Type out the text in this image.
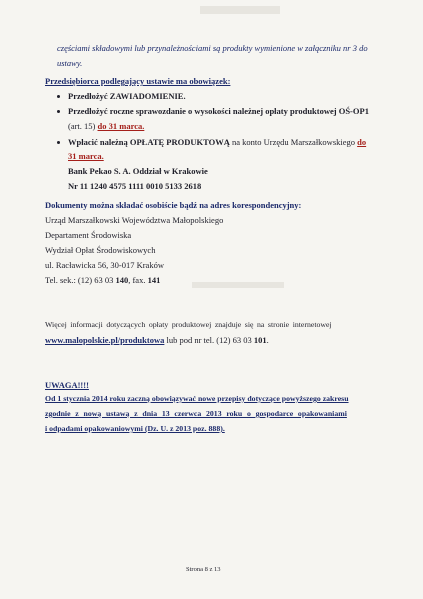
częściami składowymi lub przynależnościami są produkty wymienione w załączniku nr 3 do
ustawy.
Przedsiębiorca podlegający ustawie ma obowiązek:
Przedłożyć ZAWIADOMIENIE.
Przedłożyć roczne sprawozdanie o wysokości należnej opłaty produktowej OŚ-OP1
(art. 15) do 31 marca.
Wpłacić należną OPŁATĘ PRODUKTOWĄ na konto Urzędu Marszałkowskiego do
31 marca.
Bank Pekao S. A. Oddział w Krakowie
Nr 11 1240 4575 1111 0010 5133 2618
Dokumenty można składać osobiście bądź na adres korespondencyjny:
Urząd Marszałkowski Województwa Małopolskiego
Departament Środowiska
Wydział Opłat Środowiskowych
ul. Racławicka 56, 30-017 Kraków
Tel. sek.: (12) 63 03 140, fax. 141
Więcej informacji dotyczących opłaty produktowej znajduje się na stronie internetowej
www.malopolskie.pl/produktowa lub pod nr tel. (12) 63 03 101.
UWAGA!!!!
Od 1 stycznia 2014 roku zaczną obowiązywać nowe przepisy dotyczące powyższego zakresu
zgodnie z nową ustawą z dnia 13 czerwca 2013 roku o gospodarce opakowaniami
i odpadami opakowaniowymi (Dz. U. z 2013 poz. 888).
Strona 8 z 13
